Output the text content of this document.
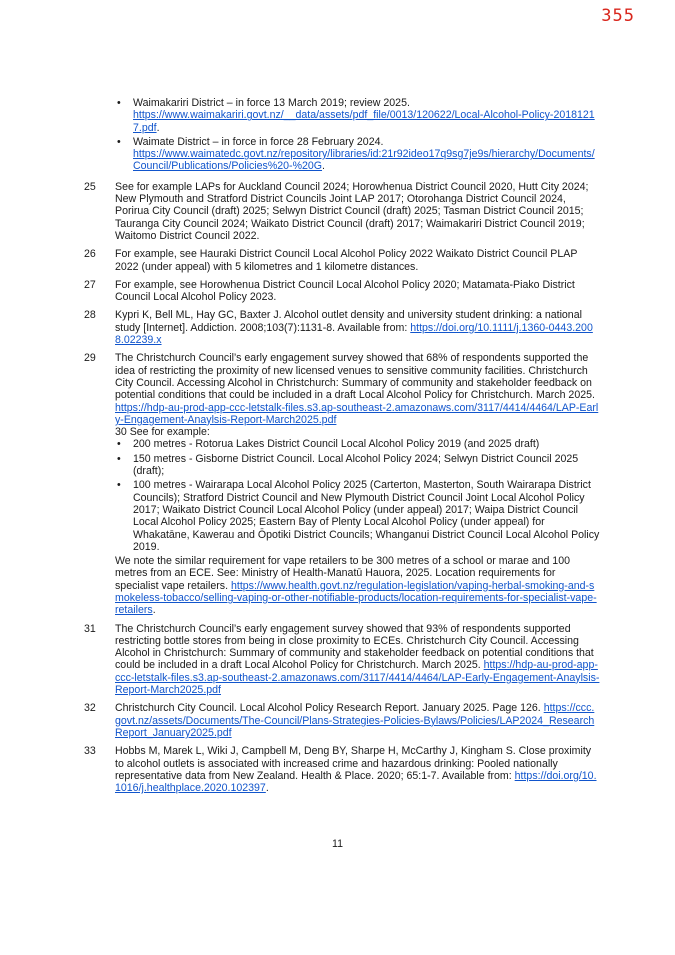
355
• Waimakariri District – in force 13 March 2019; review 2025.
https://www.waimakariri.govt.nz/__data/assets/pdf_file/0013/120622/Local-Alcohol-Policy-20181217.pdf.
• Waimate District – in force in force 28 February 2024.
https://www.waimatedc.govt.nz/repository/libraries/id:21r92ideo17q9sg7je9s/hierarchy/Documents/Council/Publications/Policies%20-%20G.
25	See for example LAPs for Auckland Council 2024; Horowhenua District Council 2020, Hutt City 2024; New Plymouth and Stratford District Councils Joint LAP 2017; Otorohanga District Council 2024, Porirua City Council (draft) 2025; Selwyn District Council (draft) 2025; Tasman District Council 2015; Tauranga City Council 2024; Waikato District Council (draft) 2017; Waimakariri District Council 2019; Waitomo District Council 2022.

26	For example, see Hauraki District Council Local Alcohol Policy 2022 Waikato District Council PLAP 2022 (under appeal) with 5 kilometres and 1 kilometre distances.

27	For example, see Horowhenua District Council Local Alcohol Policy 2020; Matamata-Piako District Council Local Alcohol Policy 2023.

28	Kypri K, Bell ML, Hay GC, Baxter J. Alcohol outlet density and university student drinking: a national study [Internet]. Addiction. 2008;103(7):1131-8. Available from: https://doi.org/10.1111/j.1360-0443.2008.02239.x

29	The Christchurch Council’s early engagement survey showed that 68% of respondents supported the idea of restricting the proximity of new licensed venues to sensitive community facilities. Christchurch City Council. Accessing Alcohol in Christchurch: Summary of community and stakeholder feedback on potential conditions that could be included in a draft Local Alcohol Policy for Christchurch. March 2025. https://hdp-au-prod-app-ccc-letstalk-files.s3.ap-southeast-2.amazonaws.com/3117/4414/4464/LAP-Early-Engagement-Anaylsis-Report-March2025.pdf

30 See for example:

• 200 metres - Rotorua Lakes District Council Local Alcohol Policy 2019 (and 2025 draft)
• 150 metres - Gisborne District Council. Local Alcohol Policy 2024; Selwyn District Council 2025 (draft);
• 100 metres - Wairarapa Local Alcohol Policy 2025 (Carterton, Masterton, South Wairarapa District Councils); Stratford District Council and New Plymouth District Council Joint Local Alcohol Policy 2017; Waikato District Council Local Alcohol Policy (under appeal) 2017; Waipa District Council Local Alcohol Policy 2025; Eastern Bay of Plenty Local Alcohol Policy (under appeal) for Whakatāne, Kawerau and Ōpotiki District Councils; Whanganui District Council Local Alcohol Policy 2019.

We note the similar requirement for vape retailers to be 300 metres of a school or marae and 100 metres from an ECE. See: Ministry of Health-Manatū Hauora, 2025. Location requirements for specialist vape retailers. https://www.health.govt.nz/regulation-legislation/vaping-herbal-smoking-and-smokeless-tobacco/selling-vaping-or-other-notifiable-products/location-requirements-for-specialist-vape-retailers.

31	The Christchurch Council’s early engagement survey showed that 93% of respondents supported restricting bottle stores from being in close proximity to ECEs. Christchurch City Council. Accessing Alcohol in Christchurch: Summary of community and stakeholder feedback on potential conditions that could be included in a draft Local Alcohol Policy for Christchurch. March 2025. https://hdp-au-prod-app-ccc-letstalk-files.s3.ap-southeast-2.amazonaws.com/3117/4414/4464/LAP-Early-Engagement-Anaylsis-Report-March2025.pdf

32	Christchurch City Council. Local Alcohol Policy Research Report. January 2025. Page 126. https://ccc.govt.nz/assets/Documents/The-Council/Plans-Strategies-Policies-Bylaws/Policies/LAP2024_ResearchReport_January2025.pdf

33	Hobbs M, Marek L, Wiki J, Campbell M, Deng BY, Sharpe H, McCarthy J, Kingham S. Close proximity to alcohol outlets is associated with increased crime and hazardous drinking: Pooled nationally representative data from New Zealand. Health & Place. 2020; 65:1-7. Available from: https://doi.org/10.1016/j.healthplace.2020.102397.

11
